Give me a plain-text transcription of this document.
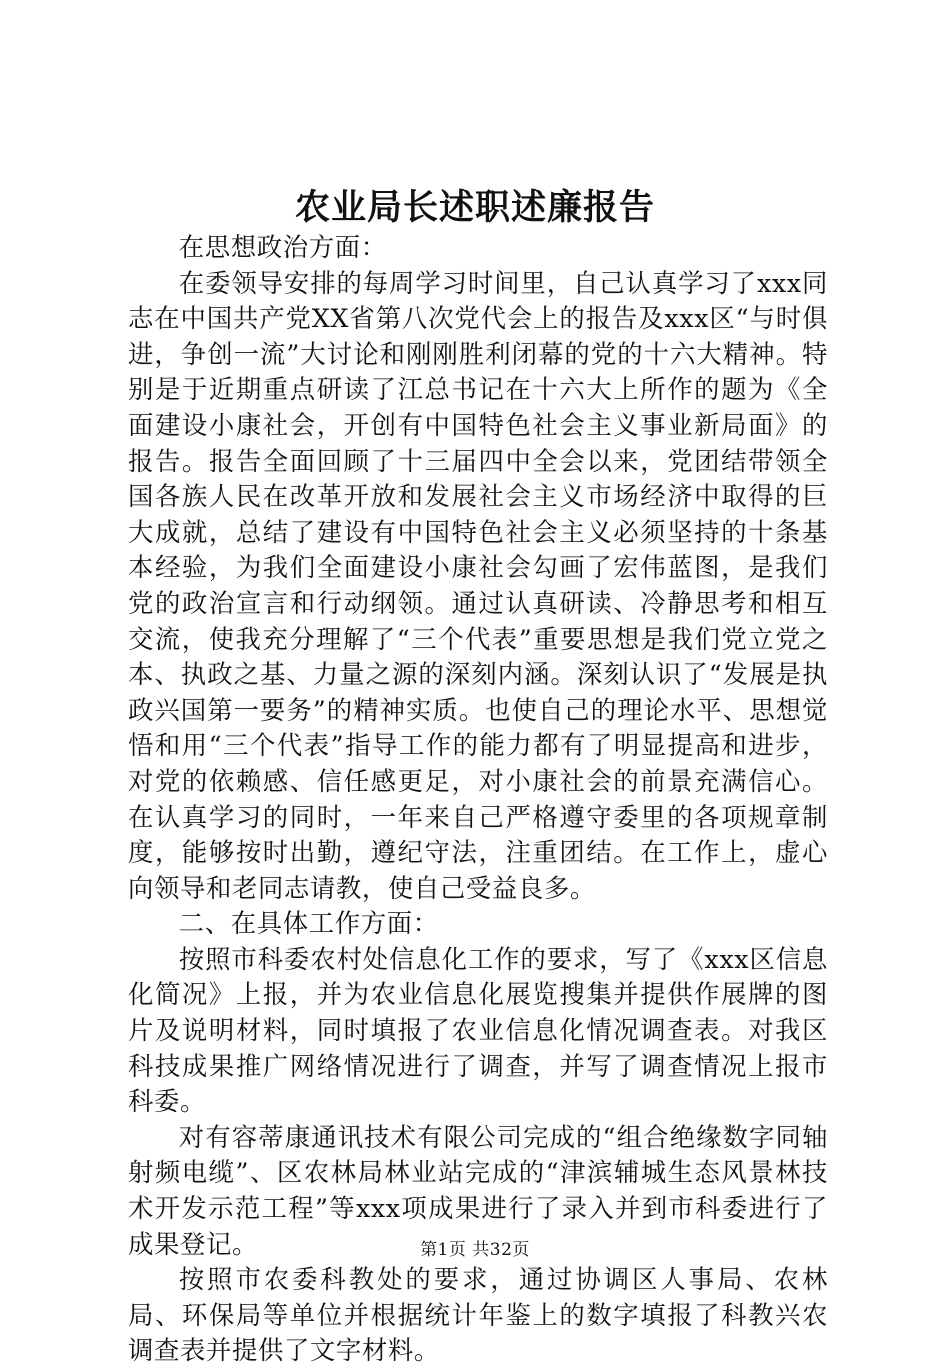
农业局长述职述廉报告

在思想政治方面：

在委领导安排的每周学习时间里，自己认真学习了xxx同志在中国共产党XX省第八次党代会上的报告及xxx区“与时俱进，争创一流”大讨论和刚刚胜利闭幕的党的十六大精神。特别是于近期重点研读了江总书记在十六大上所作的题为《全面建设小康社会，开创有中国特色社会主义事业新局面》的报告。报告全面回顾了十三届四中全会以来，党团结带领全国各族人民在改革开放和发展社会主义市场经济中取得的巨大成就，总结了建设有中国特色社会主义必须坚持的十条基本经验，为我们全面建设小康社会勾画了宏伟蓝图，是我们党的政治宣言和行动纲领。通过认真研读、冷静思考和相互交流，使我充分理解了“三个代表”重要思想是我们党立党之本、执政之基、力量之源的深刻内涵。深刻认识了“发展是执政兴国第一要务”的精神实质。也使自己的理论水平、思想觉悟和用“三个代表”指导工作的能力都有了明显提高和进步，对党的依赖感、信任感更足，对小康社会的前景充满信心。在认真学习的同时，一年来自己严格遵守委里的各项规章制度，能够按时出勤，遵纪守法，注重团结。在工作上，虚心向领导和老同志请教，使自己受益良多。

二、在具体工作方面：

按照市科委农村处信息化工作的要求，写了《xxx区信息化简况》上报，并为农业信息化展览搜集并提供作展牌的图片及说明材料，同时填报了农业信息化情况调查表。对我区科技成果推广网络情况进行了调查，并写了调查情况上报市科委。

对有容蒂康通讯技术有限公司完成的“组合绝缘数字同轴射频电缆”、区农林局林业站完成的“津滨辅城生态风景林技术开发示范工程”等xxx项成果进行了录入并到市科委进行了成果登记。

按照市农委科教处的要求，通过协调区人事局、农林局、环保局等单位并根据统计年鉴上的数字填报了科教兴农调查表并提供了文字材料。

第1页 共32页
